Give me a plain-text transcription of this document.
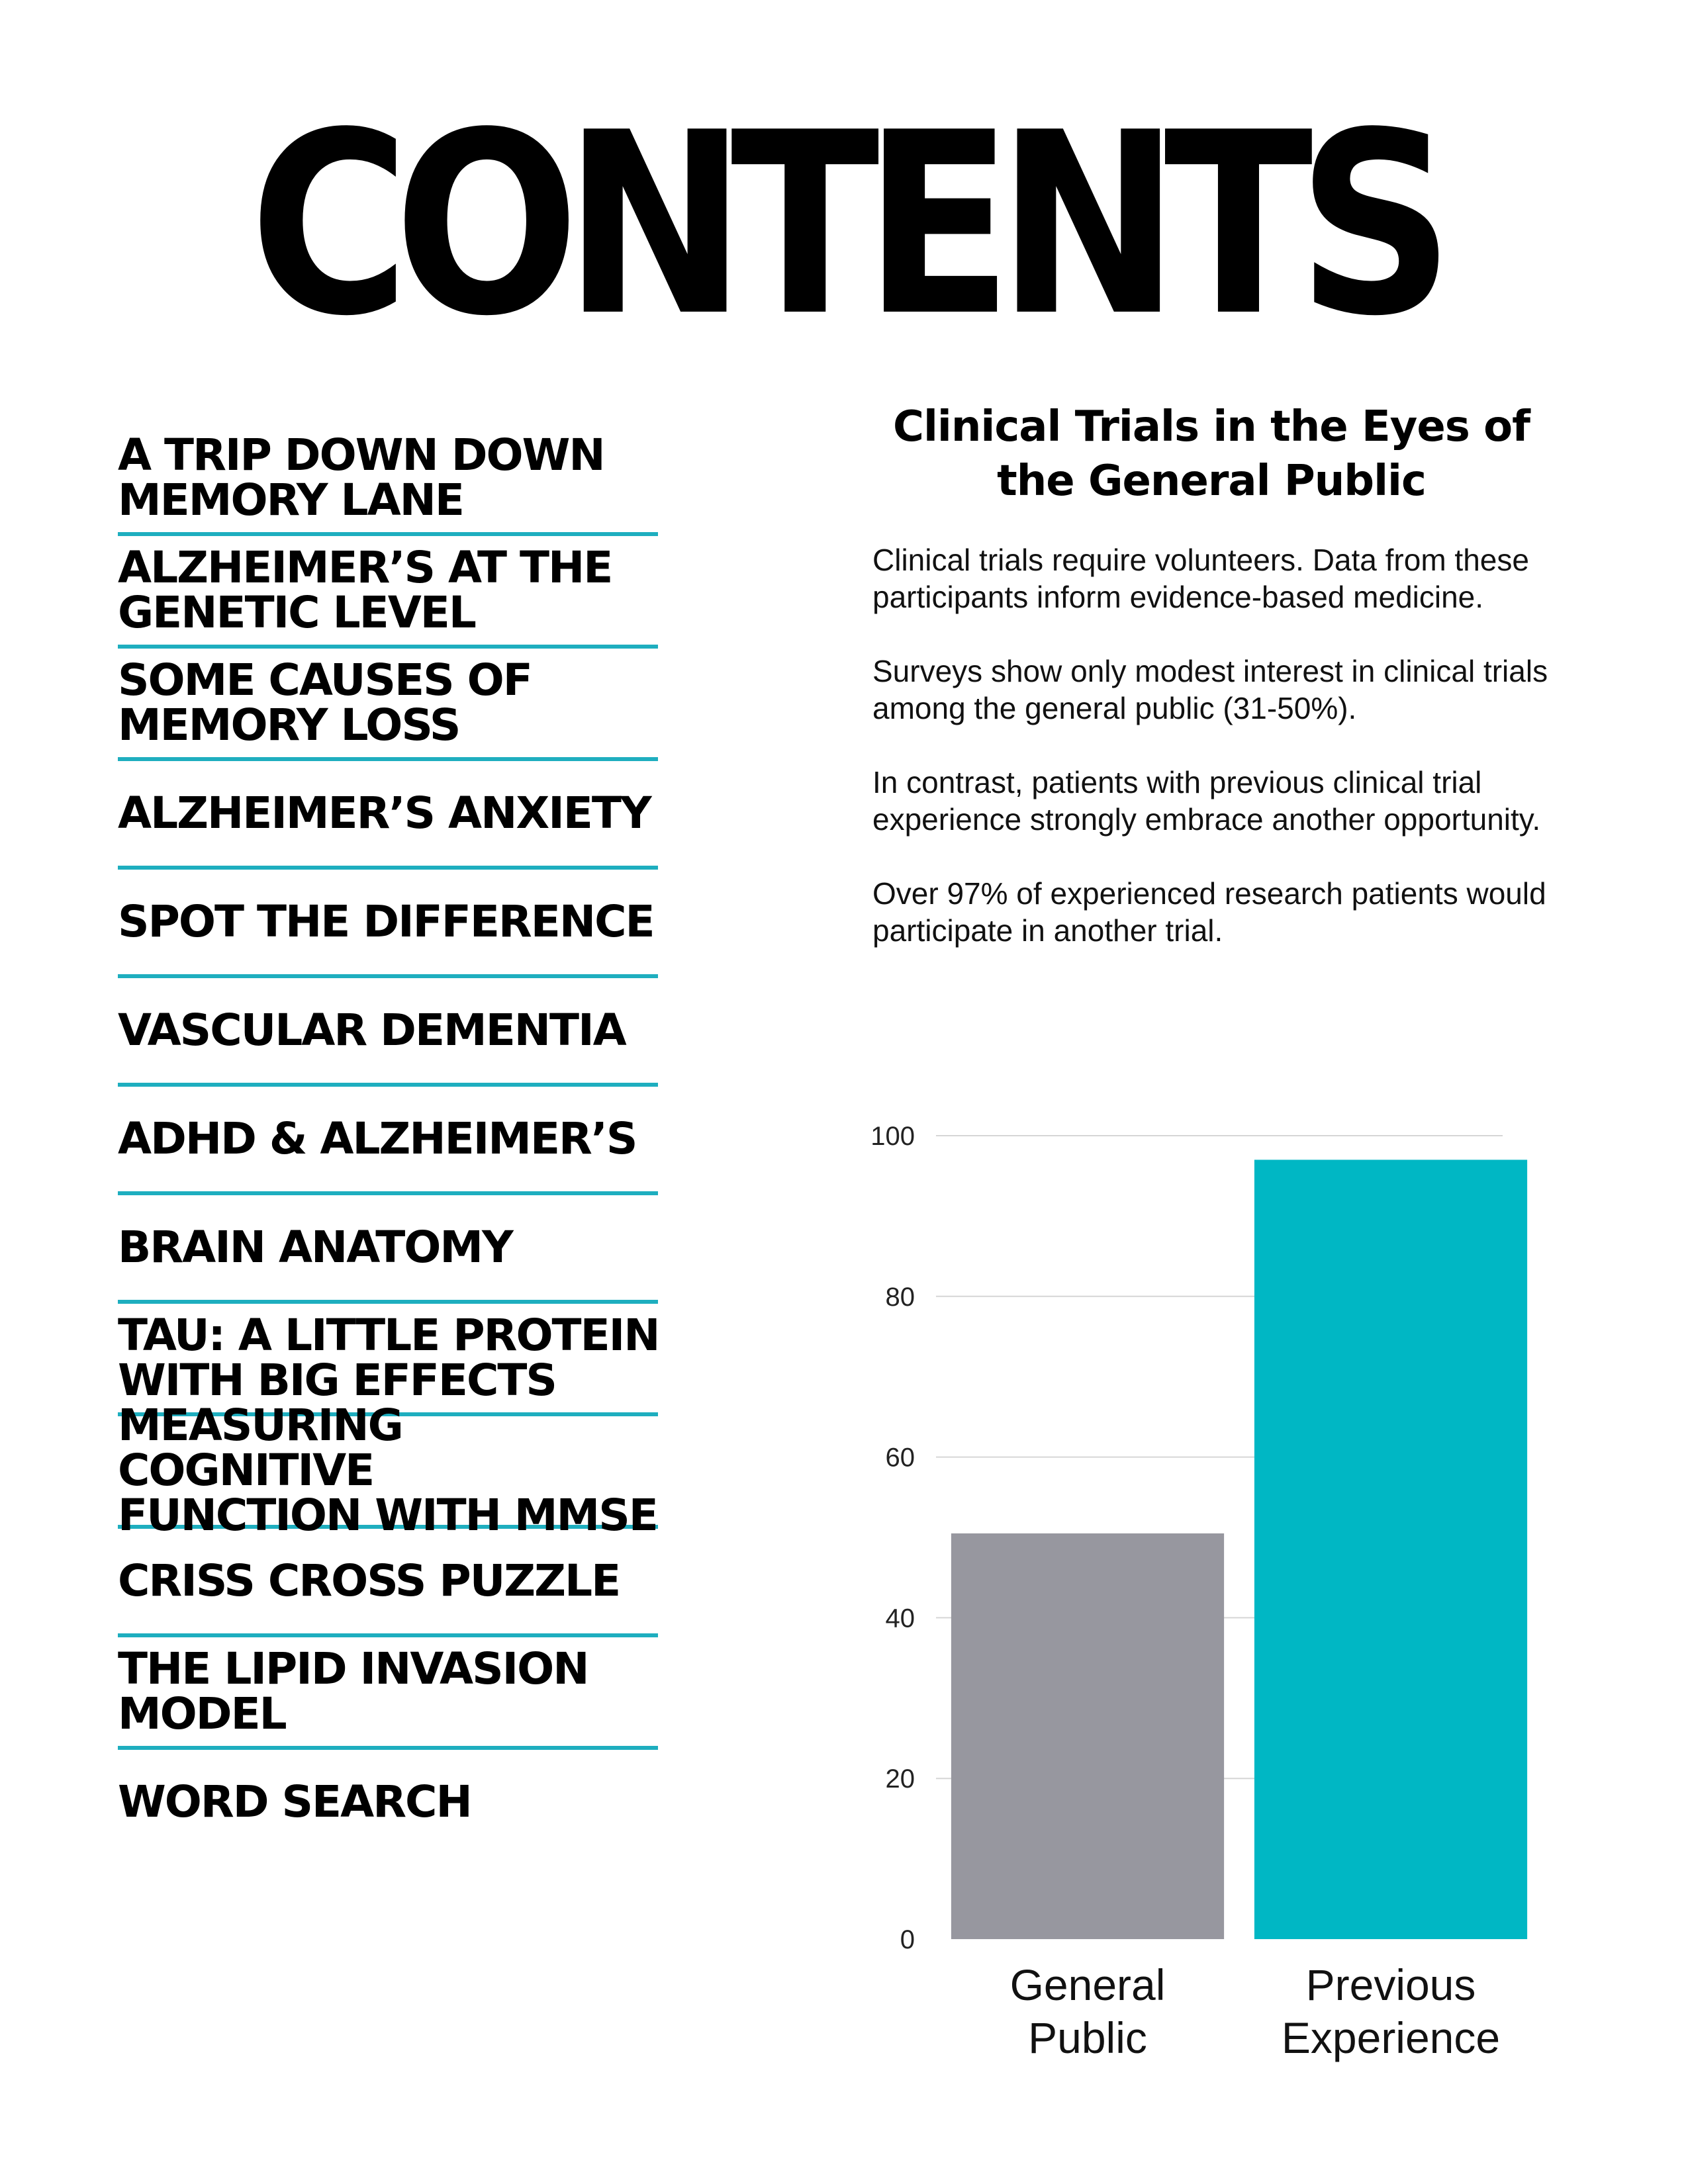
CONTENTS
A TRIP DOWN DOWN
MEMORY LANE
ALZHEIMER’S AT THE
GENETIC LEVEL
SOME CAUSES OF
MEMORY LOSS
ALZHEIMER’S ANXIETY
SPOT THE DIFFERENCE
VASCULAR DEMENTIA
ADHD & ALZHEIMER’S
BRAIN ANATOMY
TAU: A LITTLE PROTEIN
WITH BIG EFFECTS
MEASURING COGNITIVE
FUNCTION WITH MMSE
CRISS CROSS PUZZLE
THE LIPID INVASION
MODEL
WORD SEARCH
Clinical Trials in the Eyes of the General Public

Clinical trials require volunteers. Data from these participants inform evidence-based medicine.

Surveys show only modest interest in clinical trials among the general public (31-50%).

In contrast, patients with previous clinical trial experience strongly embrace another opportunity.

Over 97% of experienced research patients would participate in another trial.

0
20
40
60
80
100
General Public
Previous Experience
